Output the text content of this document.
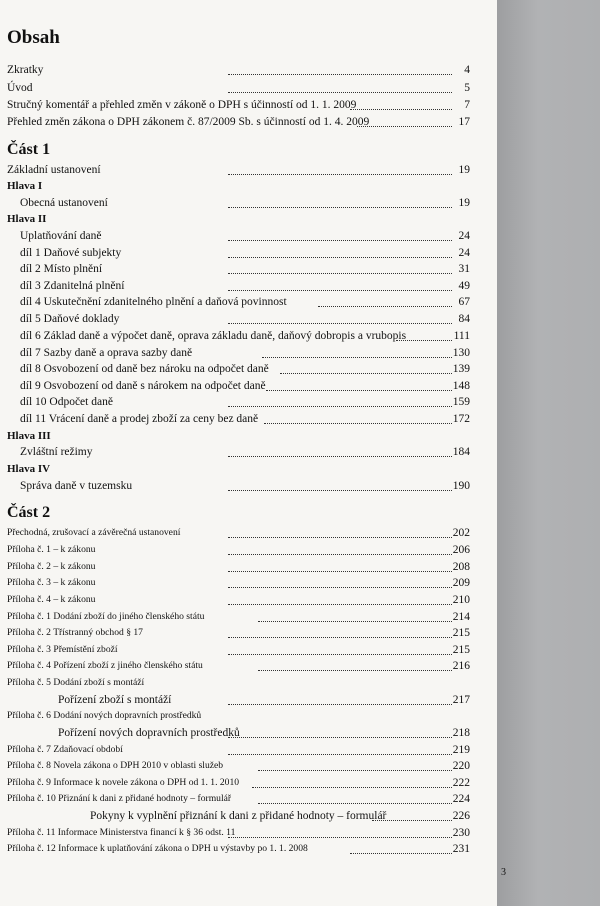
Obsah
Zkratky	4
Úvod	5
Stručný komentář a přehled změn v zákoně o DPH s účinností od 1. 1. 2009	7
Přehled změn zákona o DPH zákonem č. 87/2009 Sb. s účinností od 1. 4. 2009	17
Základní ustanovení	19
Hlava I
Obecná ustanovení	19
Hlava II
Uplatňování daně	24
díl 1 Daňové subjekty	24
díl 2 Místo plnění	31
díl 3 Zdanitelná plnění	49
díl 4 Uskutečnění zdanitelného plnění a daňová povinnost	67
díl 5 Daňové doklady	84
díl 6 Základ daně a výpočet daně, oprava základu daně, daňový dobropis a vrubopis	111
díl 7 Sazby daně a oprava sazby daně	130
díl 8 Osvobození od daně bez nároku na odpočet daně	139
díl 9 Osvobození od daně s nárokem na odpočet daně	148
díl 10 Odpočet daně	159
díl 11 Vrácení daně a prodej zboží za ceny bez daně	172
Hlava III
Zvláštní režimy	184
Hlava IV
Správa daně v tuzemsku	190
Přechodná, zrušovací a závěrečná ustanovení	202
Příloha č. 1 – k zákonu	206
Příloha č. 2 – k zákonu	208
Příloha č. 3 – k zákonu	209
Příloha č. 4 – k zákonu	210
Příloha č. 1 Dodání zboží do jiného členského státu	214
Příloha č. 2 Třístranný obchod § 17	215
Příloha č. 3 Přemístění zboží	215
Příloha č. 4 Pořízení zboží z jiného členského státu	216
Příloha č. 5 Dodání zboží s montáží
Pořízení zboží s montáží	217
Příloha č. 6 Dodání nových dopravních prostředků
Pořízení nových dopravních prostředků	218
Příloha č. 7 Zdaňovací období	219
Příloha č. 8 Novela zákona o DPH 2010 v oblasti služeb	220
Příloha č. 9 Informace k novele zákona o DPH od 1. 1. 2010	222
Příloha č. 10 Přiznání k dani z přidané hodnoty – formulář	224
Pokyny k vyplnění přiznání k dani z přidané hodnoty – formulář	226
Příloha č. 11 Informace Ministerstva financí k § 36 odst. 11	230
Příloha č. 12 Informace k uplatňování zákona o DPH u výstavby po 1. 1. 2008	231
Část 1
Část 2
3
